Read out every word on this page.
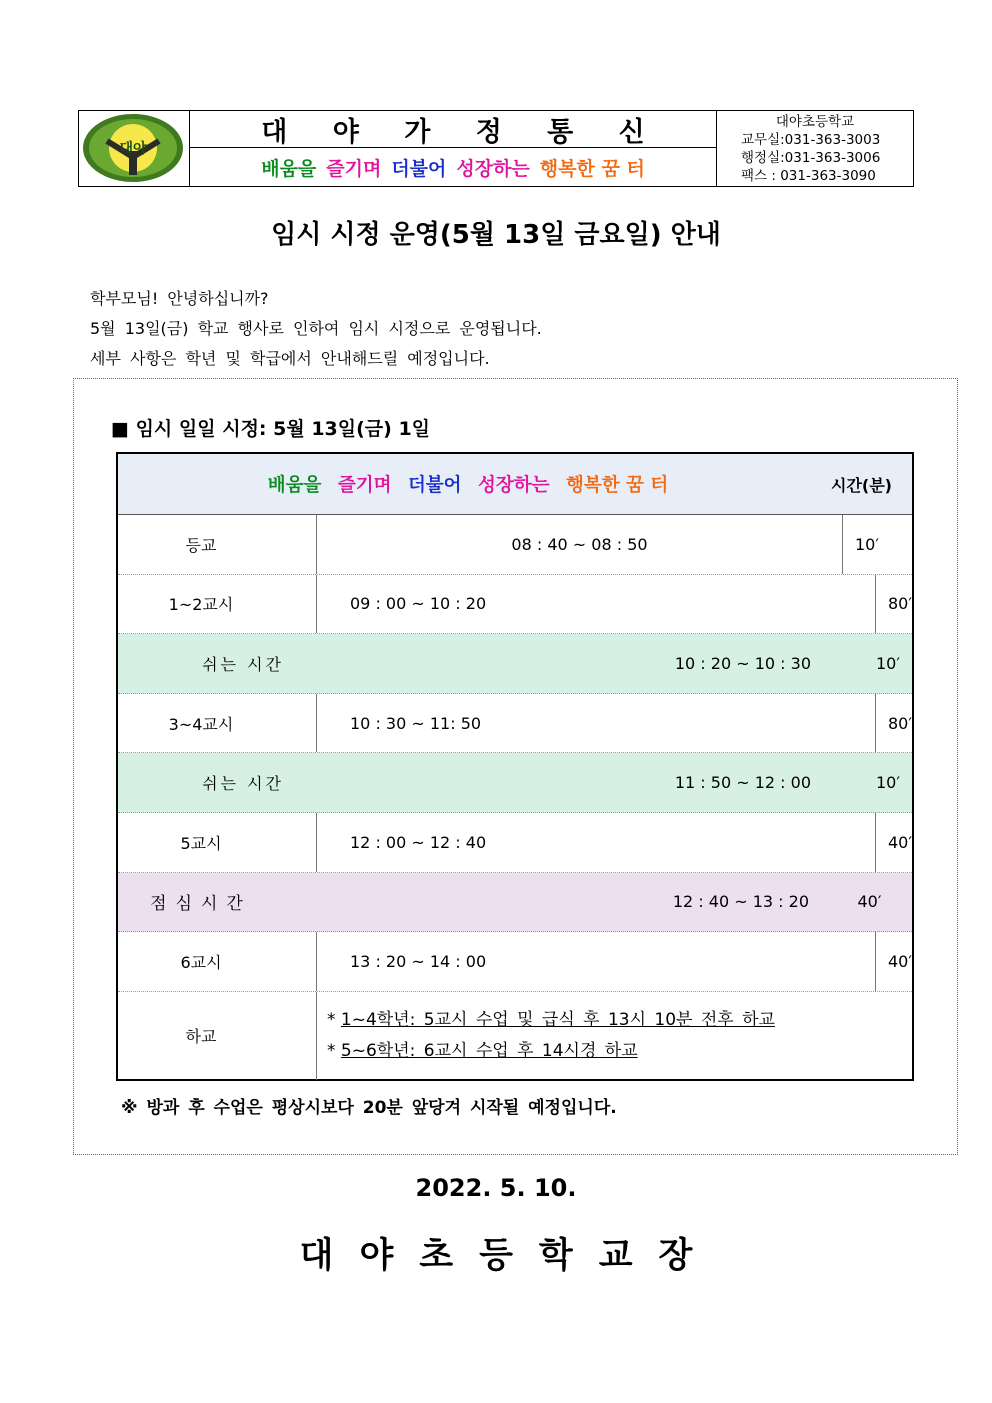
대야
대 야 가 정 통 신
배움을 즐기며 더불어 성장하는 행복한 꿈 터
대야초등학교
교무실:031-363-3003
행정실:031-363-3006
팩스 : 031-363-3090
임시 시정 운영(5월 13일 금요일) 안내

학부모님! 안녕하십니까?

5월 13일(금) 학교 행사로 인하여 임시 시정으로 운영됩니다.

세부 사항은 학년 및 학급에서 안내해드릴 예정입니다.

■ 임시 일일 시정: 5월 13일(금) 1일
배움을 즐기며 더불어 성장하는 행복한 꿈 터	시간(분)
등교	08 : 40 ~ 08 : 50	10′
1~2교시	09 : 00 ~ 10 : 20	80′
쉬는 시간	10 : 20 ~ 10 : 30	10′
3~4교시	10 : 30 ~ 11: 50	80′
쉬는 시간	11 : 50 ~ 12 : 00	10′
5교시	12 : 00 ~ 12 : 40	40′
점심시간	12 : 40 ~ 13 : 20	40′
6교시	13 : 20 ~ 14 : 00	40′
하교
* 1~4학년: 5교시 수업 및 급식 후 13시 10분 전후 하교
* 5~6학년: 6교시 수업 후 14시경 하교
※ 방과 후 수업은 평상시보다 20분 앞당겨 시작될 예정입니다.
2022. 5. 10.
대야초등학교장
